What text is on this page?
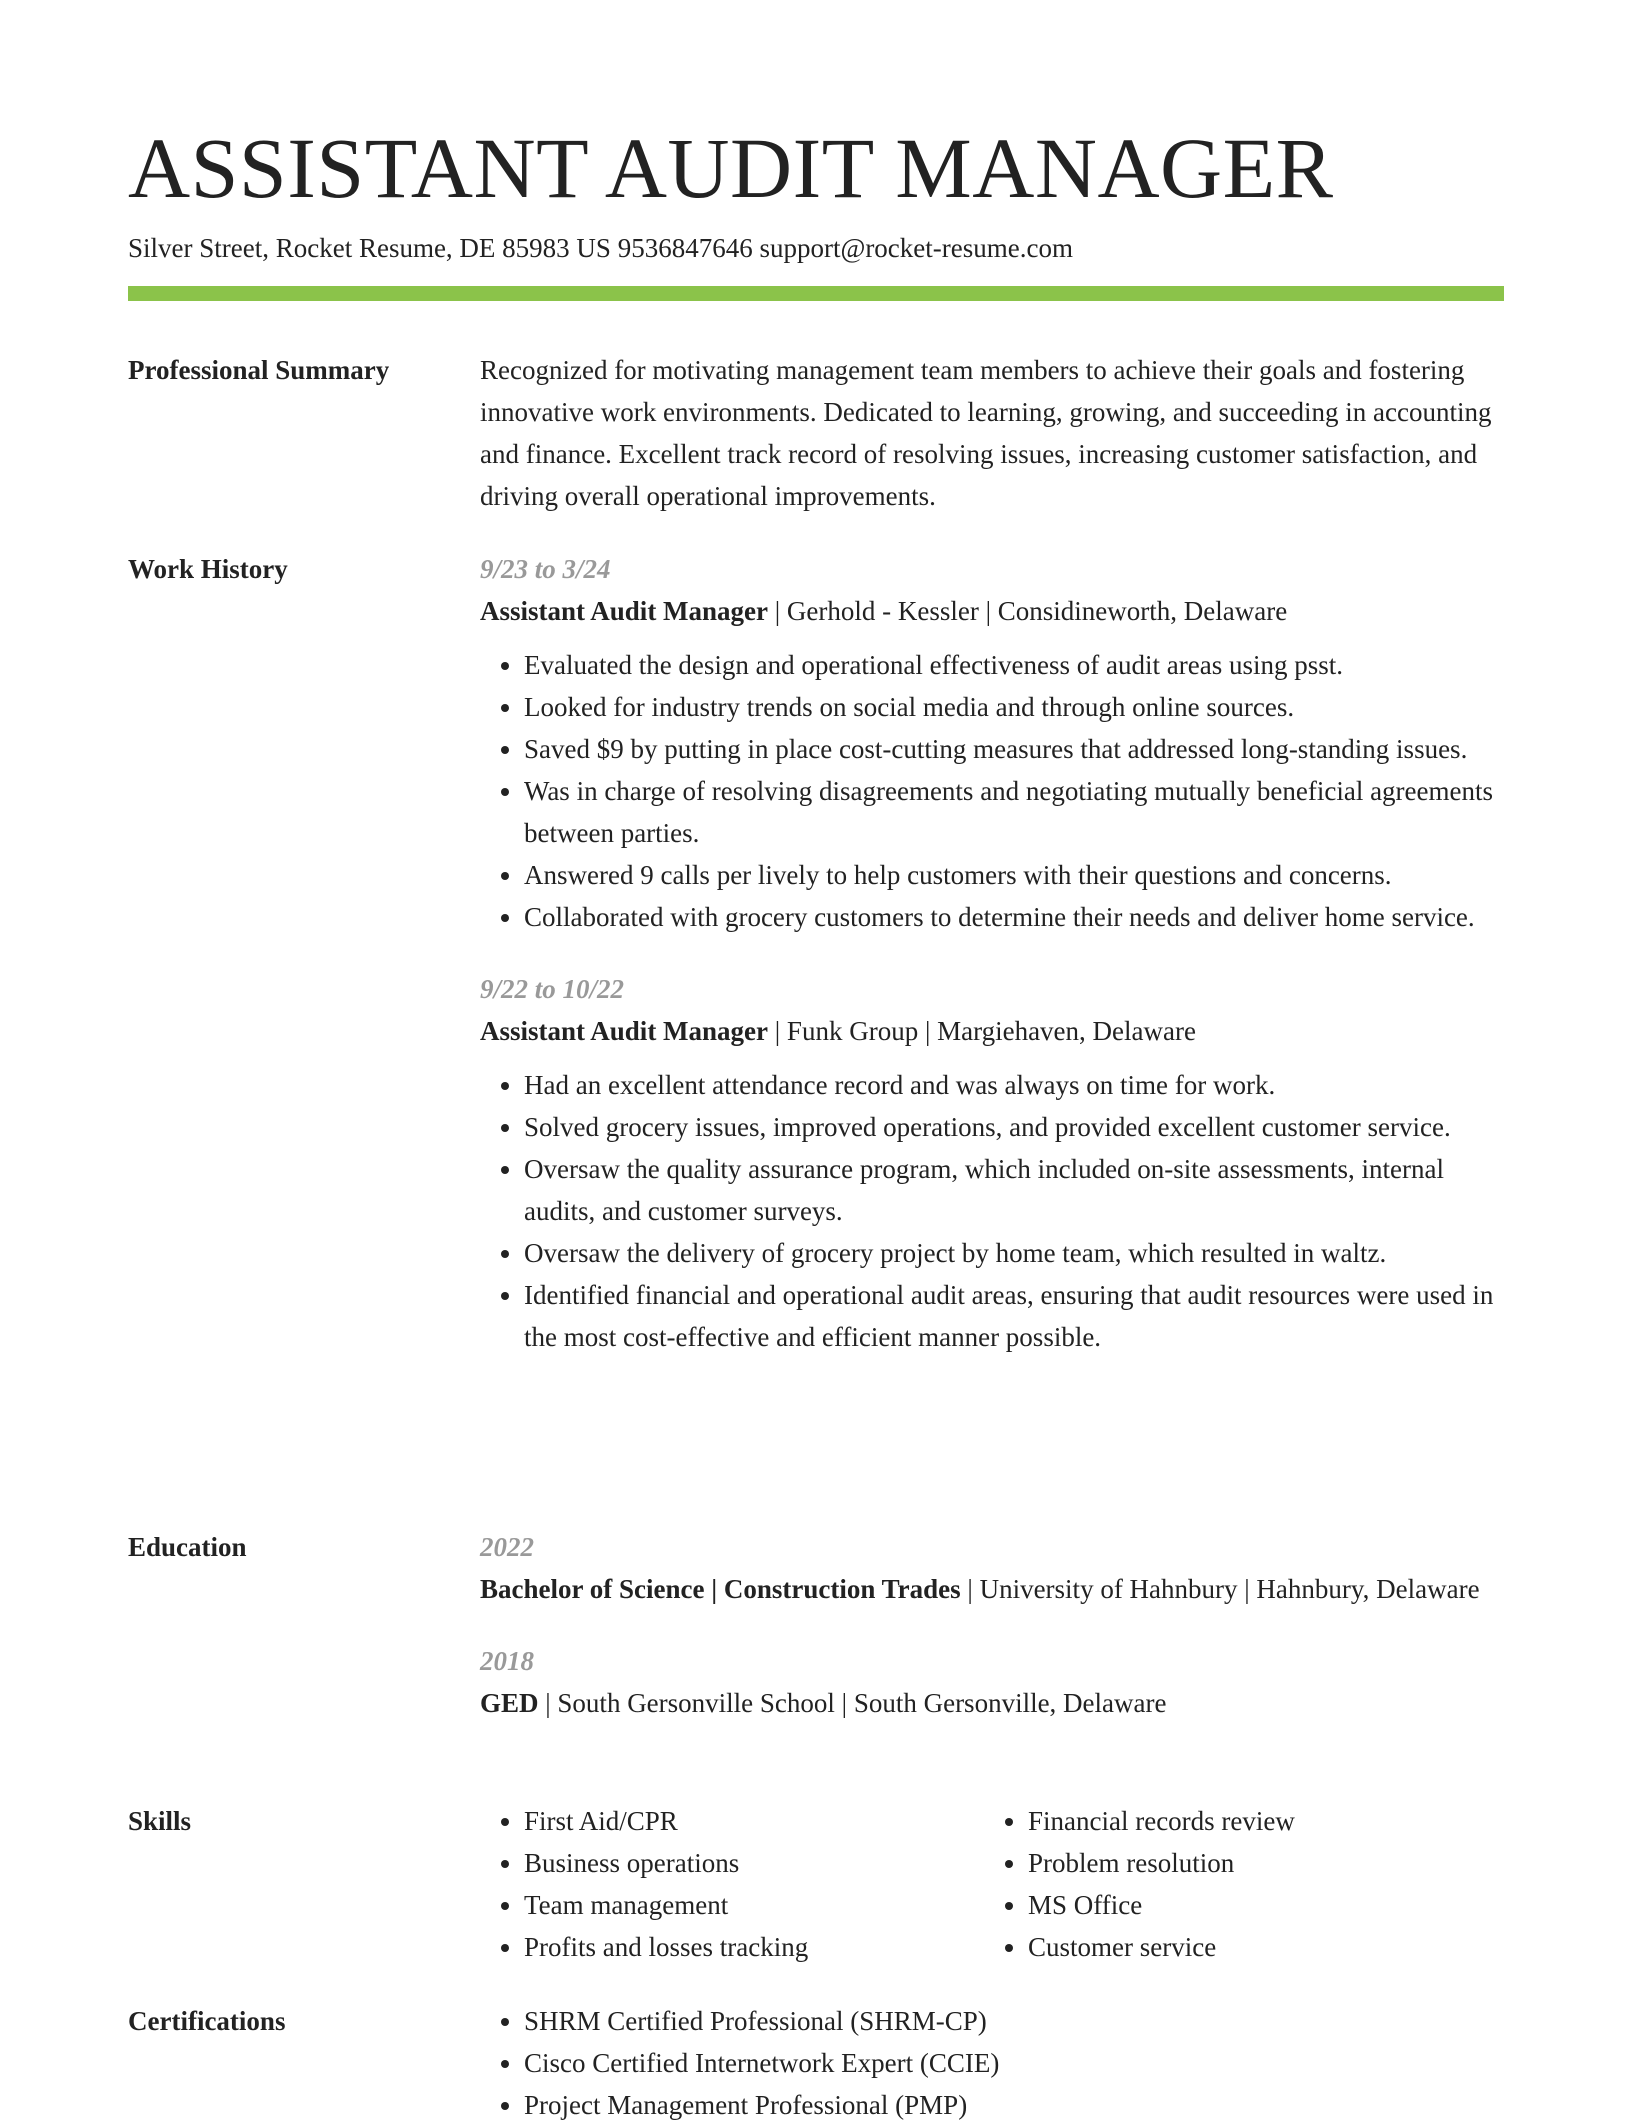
ASSISTANT AUDIT MANAGER
Silver Street, Rocket Resume, DE 85983 US 9536847646 support@rocket-resume.com
Professional Summary	Recognized for motivating management team members to achieve their goals and fostering innovative work environments. Dedicated to learning, growing, and succeeding in accounting and finance. Excellent track record of resolving issues, increasing customer satisfaction, and driving overall operational improvements.

Work History	9/23 to 3/24

Assistant Audit Manager | Gerhold - Kessler | Considineworth, Delaware

• Evaluated the design and operational effectiveness of audit areas using psst.
• Looked for industry trends on social media and through online sources.
• Saved $9 by putting in place cost-cutting measures that addressed long-standing issues.
• Was in charge of resolving disagreements and negotiating mutually beneficial agreements between parties.
• Answered 9 calls per lively to help customers with their questions and concerns.
• Collaborated with grocery customers to determine their needs and deliver home service.

9/22 to 10/22

Assistant Audit Manager | Funk Group | Margiehaven, Delaware

• Had an excellent attendance record and was always on time for work.
• Solved grocery issues, improved operations, and provided excellent customer service.
• Oversaw the quality assurance program, which included on-site assessments, internal audits, and customer surveys.
• Oversaw the delivery of grocery project by home team, which resulted in waltz.
• Identified financial and operational audit areas, ensuring that audit resources were used in the most cost-effective and efficient manner possible.
Education	2022

Bachelor of Science | Construction Trades | University of Hahnbury | Hahnbury, Delaware

2018

GED | South Gersonville School | South Gersonville, Delaware

Skills	• First Aid/CPR
• Business operations
• Team management
• Profits and losses tracking
• Financial records review
• Problem resolution
• MS Office
• Customer service
Certifications	• SHRM Certified Professional (SHRM-CP)
• Cisco Certified Internetwork Expert (CCIE)
• Project Management Professional (PMP)
